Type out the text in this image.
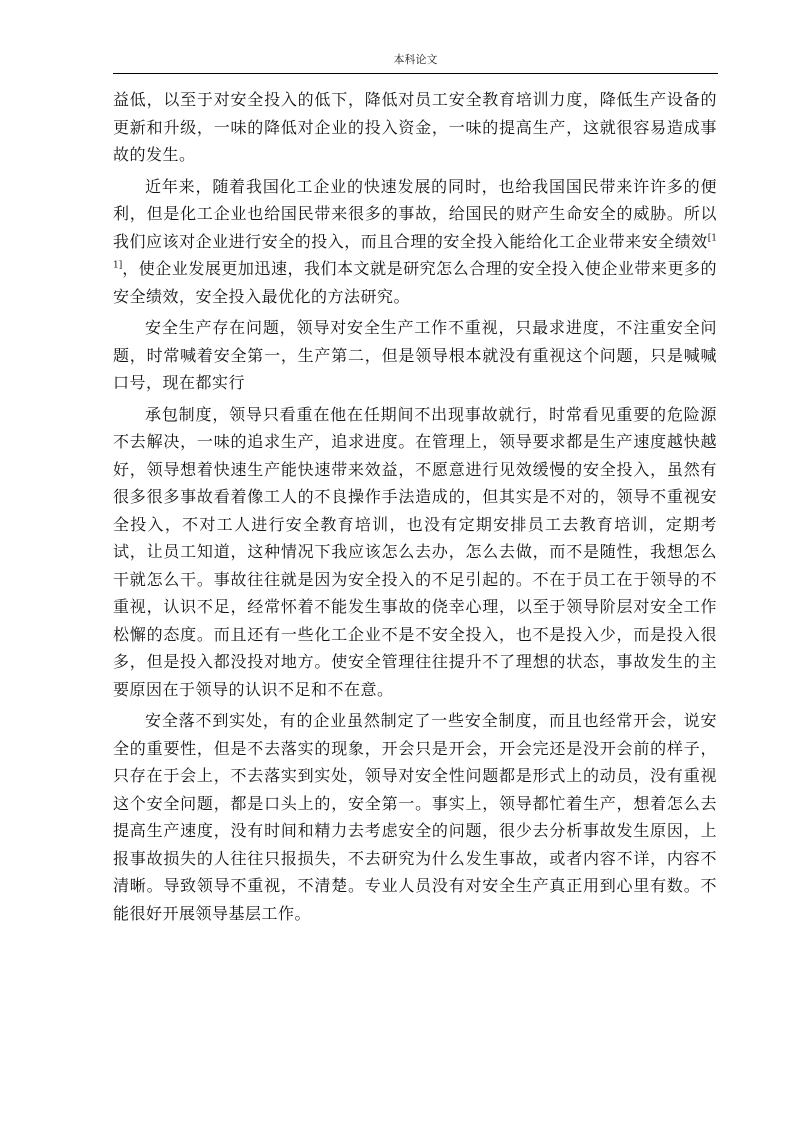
本科论文

益低，以至于对安全投入的低下，降低对员工安全教育培训力度，降低生产设备的更新和升级，一味的降低对企业的投入资金，一味的提高生产，这就很容易造成事故的发生。

近年来，随着我国化工企业的快速发展的同时，也给我国国民带来许许多的便利，但是化工企业也给国民带来很多的事故，给国民的财产生命安全的威胁。所以我们应该对企业进行安全的投入，而且合理的安全投入能给化工企业带来安全绩效[11]，使企业发展更加迅速，我们本文就是研究怎么合理的安全投入使企业带来更多的安全绩效，安全投入最优化的方法研究。

安全生产存在问题，领导对安全生产工作不重视，只最求进度，不注重安全问题，时常喊着安全第一，生产第二，但是领导根本就没有重视这个问题，只是喊喊口号，现在都实行

承包制度，领导只看重在他在任期间不出现事故就行，时常看见重要的危险源不去解决，一味的追求生产，追求进度。在管理上，领导要求都是生产速度越快越好，领导想着快速生产能快速带来效益，不愿意进行见效缓慢的安全投入，虽然有很多很多事故看着像工人的不良操作手法造成的，但其实是不对的，领导不重视安全投入，不对工人进行安全教育培训，也没有定期安排员工去教育培训，定期考试，让员工知道，这种情况下我应该怎么去办，怎么去做，而不是随性，我想怎么干就怎么干。事故往往就是因为安全投入的不足引起的。不在于员工在于领导的不重视，认识不足，经常怀着不能发生事故的侥幸心理，以至于领导阶层对安全工作松懈的态度。而且还有一些化工企业不是不安全投入，也不是投入少，而是投入很多，但是投入都没投对地方。使安全管理往往提升不了理想的状态，事故发生的主要原因在于领导的认识不足和不在意。

安全落不到实处，有的企业虽然制定了一些安全制度，而且也经常开会，说安全的重要性，但是不去落实的现象，开会只是开会，开会完还是没开会前的样子，只存在于会上，不去落实到实处，领导对安全性问题都是形式上的动员，没有重视这个安全问题，都是口头上的，安全第一。事实上，领导都忙着生产，想着怎么去提高生产速度，没有时间和精力去考虑安全的问题，很少去分析事故发生原因，上报事故损失的人往往只报损失，不去研究为什么发生事故，或者内容不详，内容不清晰。导致领导不重视，不清楚。专业人员没有对安全生产真正用到心里有数。不能很好开展领导基层工作。
